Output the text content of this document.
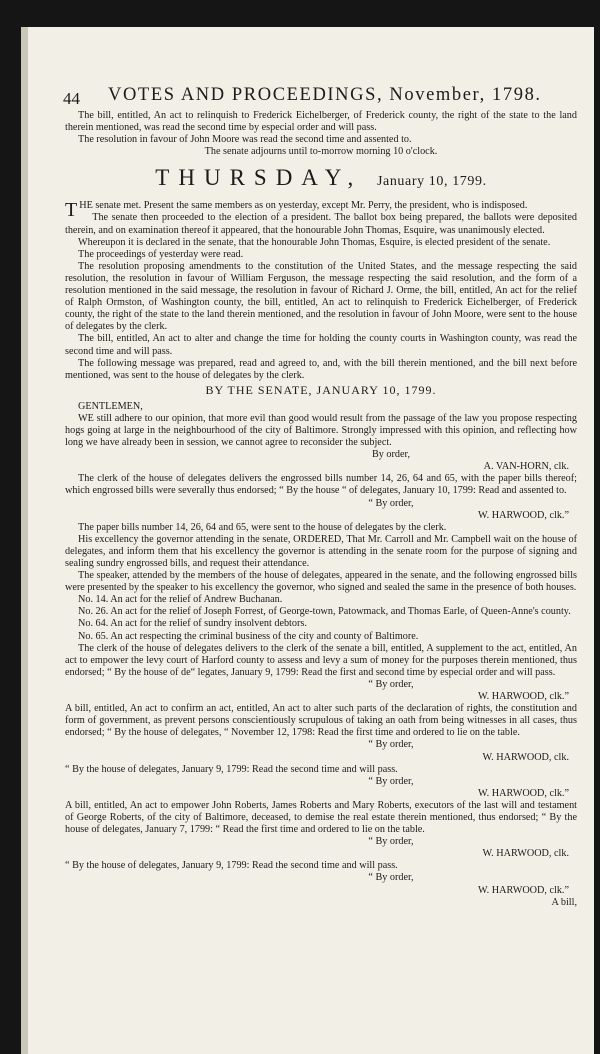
44 VOTES AND PROCEEDINGS, November, 1798.

The bill, entitled, An act to relinquish to Frederick Eichelberger, of Frederick county, the right of the state to the land therein mentioned, was read the second time by especial order and will pass.

The resolution in favour of John Moore was read the second time and assented to.

The senate adjourns until to-morrow morning 10 o'clock.

THURSDAY, January 10, 1799.

THE senate met. Present the same members as on yesterday, except Mr. Perry, the president, who is indisposed.

The senate then proceeded to the election of a president. The ballot box being prepared, the ballots were deposited therein, and on examination thereof it appeared, that the honourable John Thomas, Esquire, was unanimously elected.

Whereupon it is declared in the senate, that the honourable John Thomas, Esquire, is elected president of the senate.

The proceedings of yesterday were read.

The resolution proposing amendments to the constitution of the United States, and the message respecting the said resolution, the resolution in favour of William Ferguson, the message respecting the said resolution, and the form of a resolution mentioned in the said message, the resolution in favour of Richard J. Orme, the bill, entitled, An act for the relief of Ralph Ormston, of Washington county, the bill, entitled, An act to relinquish to Frederick Eichelberger, of Frederick county, the right of the state to the land therein mentioned, and the resolution in favour of John Moore, were sent to the house of delegates by the clerk.

The bill, entitled, An act to alter and change the time for holding the county courts in Washington county, was read the second time and will pass.

The following message was prepared, read and agreed to, and, with the bill therein mentioned, and the bill next before mentioned, was sent to the house of delegates by the clerk.

BY THE SENATE, JANUARY 10, 1799.

GENTLEMEN,

WE still adhere to our opinion, that more evil than good would result from the passage of the law you propose respecting hogs going at large in the neighbourhood of the city of Baltimore. Strongly impressed with this opinion, and reflecting how long we have already been in session, we cannot agree to reconsider the subject.

By order,

A. VAN-HORN, clk.

The clerk of the house of delegates delivers the engrossed bills number 14, 26, 64 and 65, with the paper bills thereof; which engrossed bills were severally thus endorsed; “ By the house “ of delegates, January 10, 1799: Read and assented to.

“ By order,

W. HARWOOD, clk.”

The paper bills number 14, 26, 64 and 65, were sent to the house of delegates by the clerk.

His excellency the governor attending in the senate, ORDERED, That Mr. Carroll and Mr. Campbell wait on the house of delegates, and inform them that his excellency the governor is attending in the senate room for the purpose of signing and sealing sundry engrossed bills, and request their attendance.

The speaker, attended by the members of the house of delegates, appeared in the senate, and the following engrossed bills were presented by the speaker to his excellency the governor, who signed and sealed the same in the presence of both houses.

No. 14. An act for the relief of Andrew Buchanan.

No. 26. An act for the relief of Joseph Forrest, of George-town, Patowmack, and Thomas Earle, of Queen-Anne's county.

No. 64. An act for the relief of sundry insolvent debtors.

No. 65. An act respecting the criminal business of the city and county of Baltimore.

The clerk of the house of delegates delivers to the clerk of the senate a bill, entitled, A supplement to the act, entitled, An act to empower the levy court of Harford county to assess and levy a sum of money for the purposes therein mentioned, thus endorsed; “ By the house of de“ legates, January 9, 1799: Read the first and second time by especial order and will pass.

“ By order,

W. HARWOOD, clk.”

A bill, entitled, An act to confirm an act, entitled, An act to alter such parts of the declaration of rights, the constitution and form of government, as prevent persons conscientiously scrupulous of taking an oath from being witnesses in all cases, thus endorsed; “ By the house of delegates, “ November 12, 1798: Read the first time and ordered to lie on the table.

“ By order,

W. HARWOOD, clk.

“ By the house of delegates, January 9, 1799: Read the second time and will pass.

“ By order,

W. HARWOOD, clk.”

A bill, entitled, An act to empower John Roberts, James Roberts and Mary Roberts, executors of the last will and testament of George Roberts, of the city of Baltimore, deceased, to demise the real estate therein mentioned, thus endorsed; “ By the house of delegates, January 7, 1799: “ Read the first time and ordered to lie on the table.

“ By order,

W. HARWOOD, clk.

“ By the house of delegates, January 9, 1799: Read the second time and will pass.

“ By order,

W. HARWOOD, clk.”

A bill,
